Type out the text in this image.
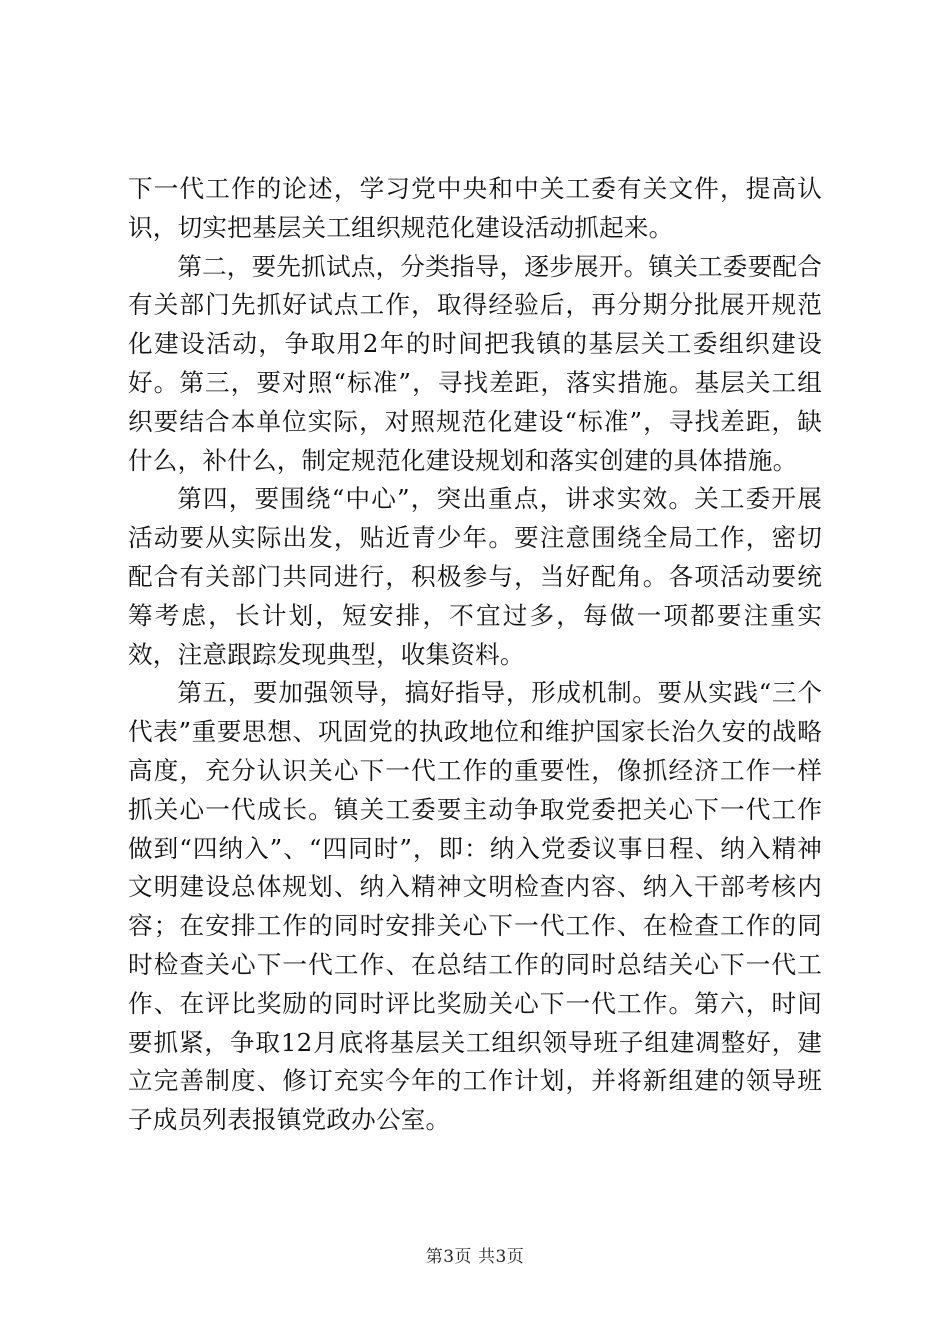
下一代工作的论述，学习党中央和中关工委有关文件，提高认识，切实把基层关工组织规范化建设活动抓起来。

第二，要先抓试点，分类指导，逐步展开。镇关工委要配合有关部门先抓好试点工作，取得经验后，再分期分批展开规范化建设活动，争取用2年的时间把我镇的基层关工委组织建设好。第三，要对照“标准”，寻找差距，落实措施。基层关工组织要结合本单位实际，对照规范化建设“标准”，寻找差距，缺什么，补什么，制定规范化建设规划和落实创建的具体措施。

第四，要围绕“中心”，突出重点，讲求实效。关工委开展活动要从实际出发，贴近青少年。要注意围绕全局工作，密切配合有关部门共同进行，积极参与，当好配角。各项活动要统筹考虑，长计划，短安排，不宜过多，每做一项都要注重实效，注意跟踪发现典型，收集资料。

第五，要加强领导，搞好指导，形成机制。要从实践“三个代表”重要思想、巩固党的执政地位和维护国家长治久安的战略高度，充分认识关心下一代工作的重要性，像抓经济工作一样抓关心一代成长。镇关工委要主动争取党委把关心下一代工作做到“四纳入”、“四同时”，即：纳入党委议事日程、纳入精神文明建设总体规划、纳入精神文明检查内容、纳入干部考核内容；在安排工作的同时安排关心下一代工作、在检查工作的同时检查关心下一代工作、在总结工作的同时总结关心下一代工作、在评比奖励的同时评比奖励关心下一代工作。第六，时间要抓紧，争取12月底将基层关工组织领导班子组建凋整好，建立完善制度、修订充实今年的工作计划，并将新组建的领导班子成员列表报镇党政办公室。

第3页 共3页
